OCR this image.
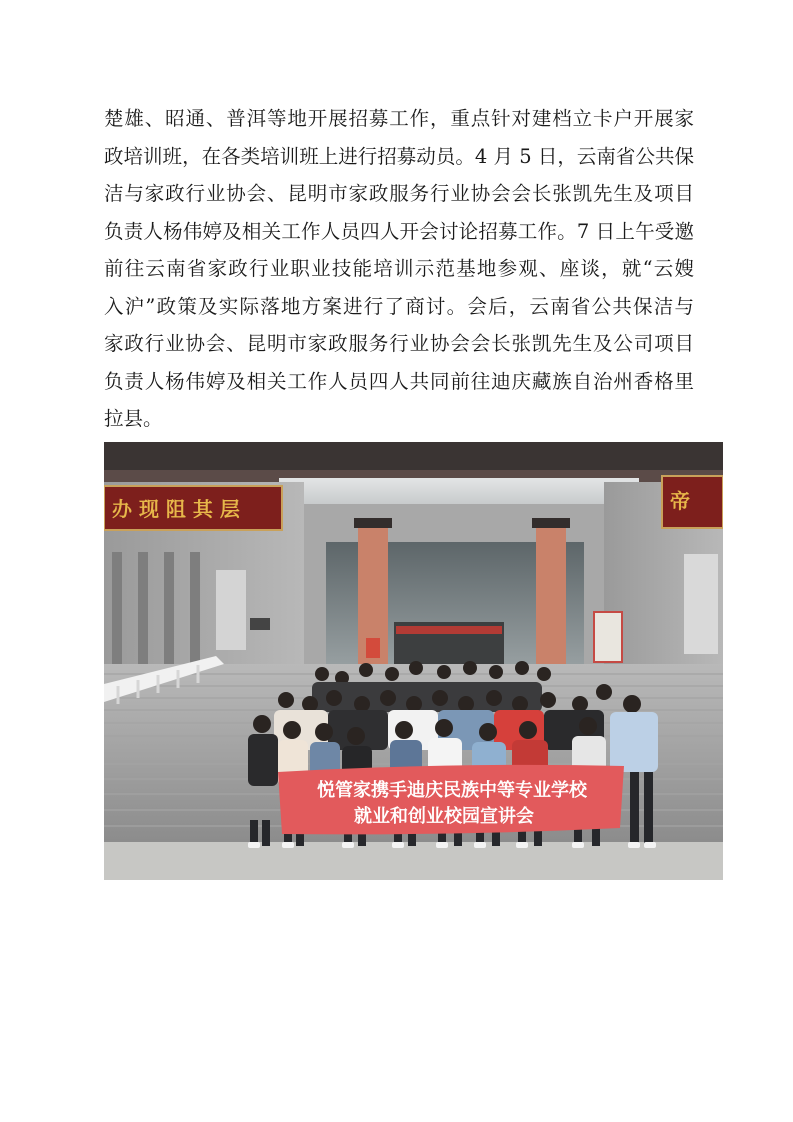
楚雄、昭通、普洱等地开展招募工作，重点针对建档立卡户开展家
政培训班，在各类培训班上进行招募动员。4 月 5 日，云南省公共保
洁与家政行业协会、昆明市家政服务行业协会会长张凯先生及项目
负责人杨伟婷及相关工作人员四人开会讨论招募工作。7 日上午受邀
前往云南省家政行业职业技能培训示范基地参观、座谈，就“云嫂
入沪”政策及实际落地方案进行了商讨。会后，云南省公共保洁与
家政行业协会、昆明市家政服务行业协会会长张凯先生及公司项目
负责人杨伟婷及相关工作人员四人共同前往迪庆藏族自治州香格里
拉县。
办 现 阻 其 层	帝
悦管家携手迪庆民族中等专业学校
就业和创业校园宣讲会
